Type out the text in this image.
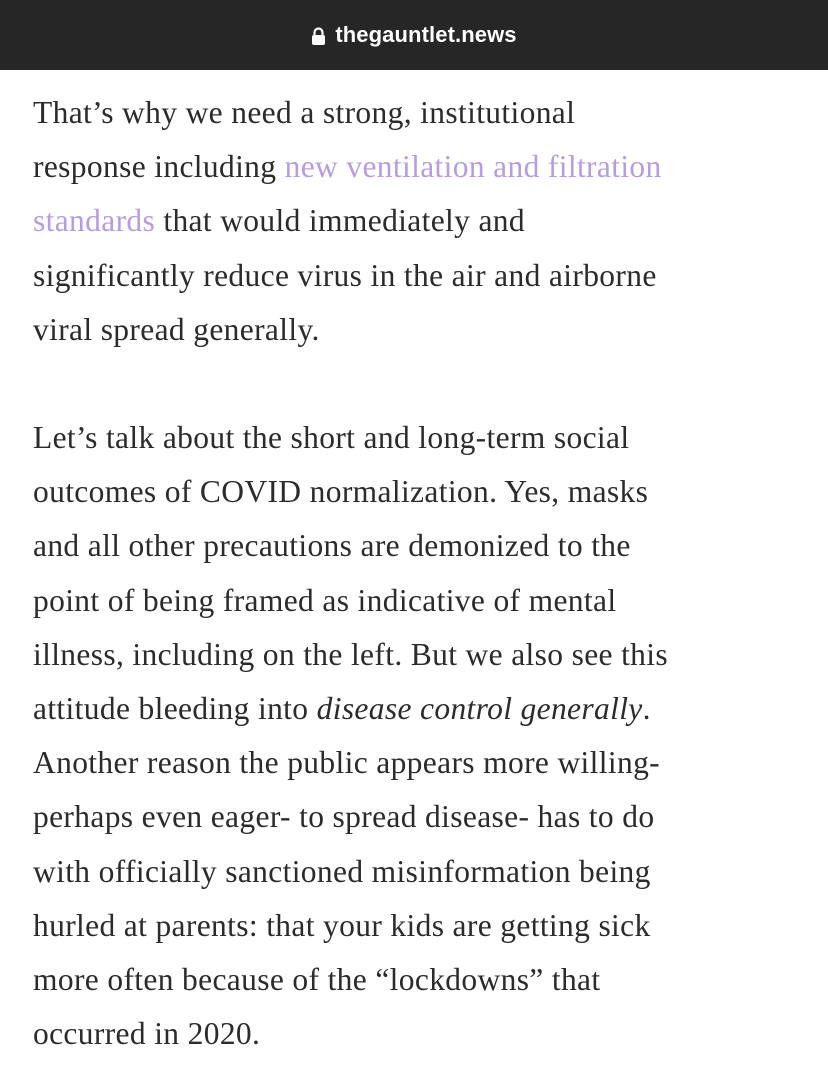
thegauntlet.news

That’s why we need a strong, institutional
response including new ventilation and filtration
standards that would immediately and
significantly reduce virus in the air and airborne
viral spread generally.

Let’s talk about the short and long-term social
outcomes of COVID normalization. Yes, masks
and all other precautions are demonized to the
point of being framed as indicative of mental
illness, including on the left. But we also see this
attitude bleeding into disease control generally.
Another reason the public appears more willing-
perhaps even eager- to spread disease- has to do
with officially sanctioned misinformation being
hurled at parents: that your kids are getting sick
more often because of the “lockdowns” that
occurred in 2020.
